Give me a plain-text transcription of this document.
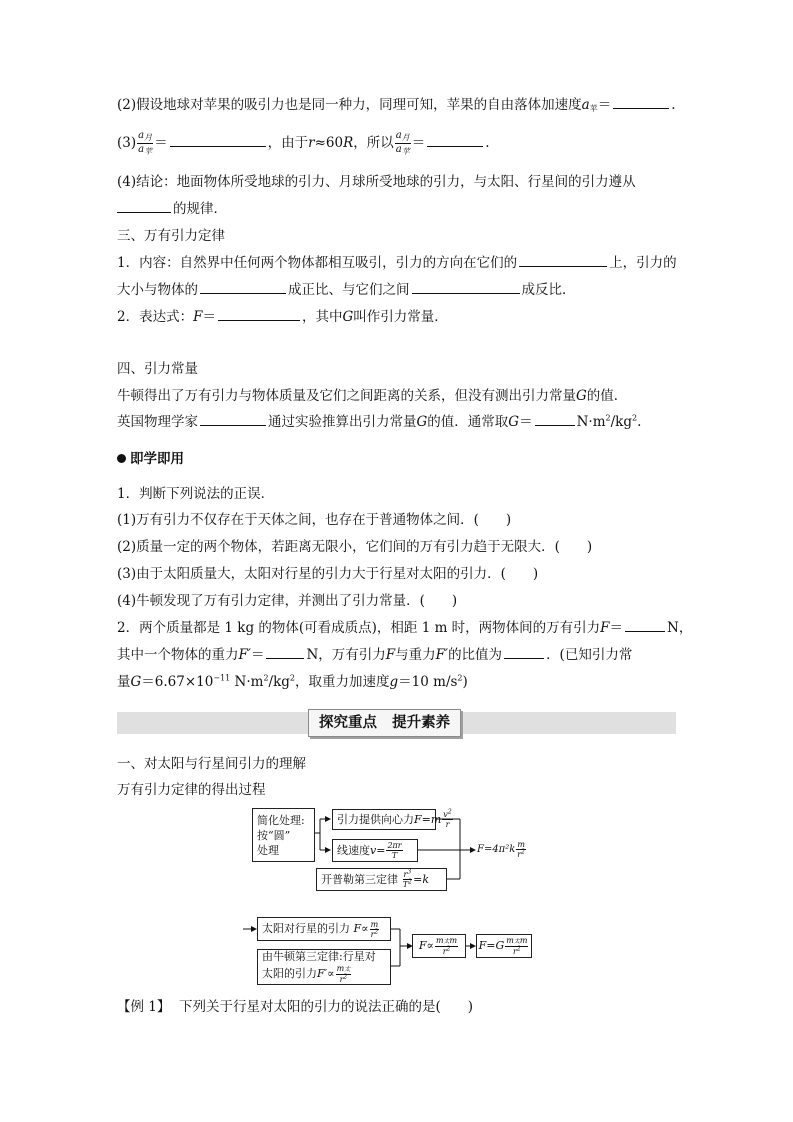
(2)假设地球对苹果的吸引力也是同一种力，同理可知，苹果的自由落体加速度$a_苹=$	.
$(3) \frac{a_月}{a_苹}$ ＝	，由于r≈60R，所以 $\frac{a_月}{a_苹}$ ＝	.
(4)结论：地面物体所受地球的引力、月球所受地球的引力，与太阳、行星间的引力遵从
的规律．
三、万有引力定律
1．内容：自然界中任何两个物体都相互吸引，引力的方向在它们的	上，引力的
大小与物体的	成正比、与它们之间	成反比．
2．表达式：F＝	，其中G叫作引力常量．
四、引力常量
牛顿得出了万有引力与物体质量及它们之间距离的关系，但没有测出引力常量G的值．
英国物理学家	通过实验推算出引力常量G的值．通常取G＝	$N\cdot m^2/kg^2$.
即学即用
1．判断下列说法的正误．
(1)万有引力不仅存在于天体之间，也存在于普通物体之间．(　　)
(2)质量一定的两个物体，若距离无限小，它们间的万有引力趋于无限大．(　　)
(3)由于太阳质量大，太阳对行星的引力大于行星对太阳的引力．(　　)
(4)牛顿发现了万有引力定律，并测出了引力常量．(　　)
2．两个质量都是 1 kg 的物体(可看成质点)，相距 1 m 时，两物体间的万有引力F＝	N，
其中一个物体的重力F′＝	N，万有引力F与重力F′的比值为	．(已知引力常
量$G=6.67\times 10^{-11}$ $N\cdot m^2/kg^2$，取重力加速度g＝10 $m/s^2$)
探究重点 提升素养
一、对太阳与行星间引力的理解
万有引力定律的得出过程
简化处理:
按“圆”
处理
引力提供向心力 F = m $\frac{v^2}{r}$
线速度 $v = \frac{2\pi r}{T}$
开普勒第三定律
$\frac{r^3}{T^2} = k$
$F=4\pi^2k \frac{m}{r^2}$
太阳对行星的引力
$F \propto \frac{m}{r^2}$
由牛顿第三定律:行星对
太阳的引力 $F' \propto \frac{\text{m太}}{r^2}$
$F \propto \frac{\text{m太m}}{r^2}$ F = G $\frac{\text{m太m}}{r^2}$
【例 1】 下列关于行星对太阳的引力的说法正确的是(　　)
